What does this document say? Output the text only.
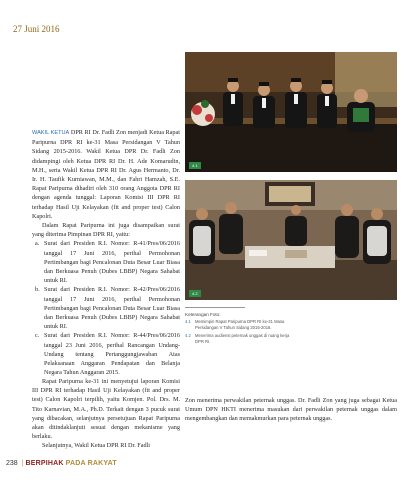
27 Juni 2016
4.1
4.2

WAKIL KETUA DPR RI Dr. Fadli Zon menjadi Ketua Rapat Paripurna DPR RI ke-31 Masa Persidangan V Tahun Sidang 2015-2016. Wakil Ketua DPR Dr. Fadli Zon didampingi oleh Ketua DPR RI Dr. H. Ade Komarudin, M.H., serta Wakil Ketua DPR RI Dr. Agus Hermanto, Dr. Ir. H. Taufik Kurniawan, M.M., dan Fahri Hamzah, S.E. Rapat Paripurna dihadiri oleh 310 orang Anggota DPR RI dengan agenda tunggal: Laporan Komisi III DPR RI terhadap Hasil Uji Kelayakan (fit and proper test) Calon Kapolri.

Dalam Rapat Paripurna ini juga disampaikan surat yang diterima Pimpinan DPR RI, yaitu:

a. Surat dari Presiden R.I. Nomor: R-41/Pres/06/2016 tanggal 17 Juni 2016, perihal Permohonan Pertimbangan bagi Pencalonan Duta Besar Luar Biasa dan Berkuasa Penuh (Dubes LBBP) Negara Sahabat untuk RI.
b. Surat dari Presiden R.I. Nomor: R-42/Pres/06/2016 tanggal 17 Juni 2016, perihal Permohonan Pertimbangan bagi Pencalonan Duta Besar Luar Biasa dan Berkuasa Penuh (Dubes LBBP) Negara Sahabat untuk RI.
c. Surat dari Presiden R.I. Nomor: R-44/Pres/06/2016 tanggal 23 Juni 2016, perihal Rancangan Undang-Undang tentang Pertanggungjawaban Atas Pelaksanaan Anggaran Pendapatan dan Belanja Negara Tahun Anggaran 2015.

Rapat Paripurna ke-31 ini menyetujui laporan Komisi III DPR RI terhadap Hasil Uji Kelayakan (fit and proper test) Calon Kapolri terpilih, yaitu Komjen. Pol. Drs. M. Tito Karnavian, M.A., Ph.D. Terkait dengan 3 pucuk surat yang dibacakan, selanjutnya persetujuan Rapat Paripurna akan ditindaklanjuti sesuai dengan mekanisme yang berlaku.

Selanjutnya, Wakil Ketua DPR RI Dr. Fadli

Keterangan Foto:
4.1 Memimpin Rapat Paripurna DPR RI ke-31 Masa Persidangan V Tahun Sidang 2015-2016.
4.2 Menerima audiensi peternak unggas di ruang kerja DPR RI.

Zon menerima perwakilan peternak unggas. Dr. Fadli Zon yang juga sebagai Ketua Umum DPN HKTI menerima masukan dari perwakilan peternak unggas dalam mengembangkan dan memakmurkan para peternak unggas.

238 | BERPIHAK PADA RAKYAT
